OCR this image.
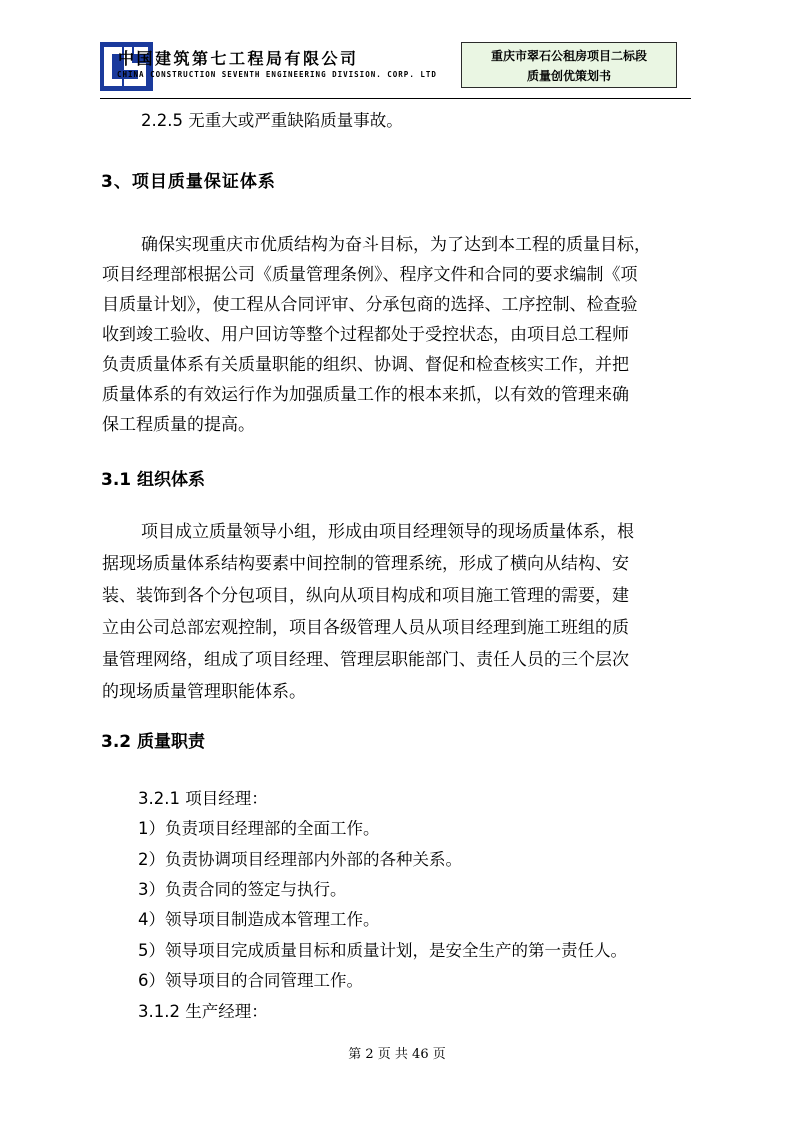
中国建筑第七工程局有限公司
CHINA CONSTRUCTION SEVENTH ENGINEERING DIVISION. CORP. LTD
重庆市翠石公租房项目二标段
质量创优策划书
2.2.5 无重大或严重缺陷质量事故。
3、项目质量保证体系
确保实现重庆市优质结构为奋斗目标，为了达到本工程的质量目标，
项目经理部根据公司《质量管理条例》、程序文件和合同的要求编制《项
目质量计划》，使工程从合同评审、分承包商的选择、工序控制、检查验
收到竣工验收、用户回访等整个过程都处于受控状态，由项目总工程师
负责质量体系有关质量职能的组织、协调、督促和检查核实工作，并把
质量体系的有效运行作为加强质量工作的根本来抓，以有效的管理来确
保工程质量的提高。
3.1 组织体系
项目成立质量领导小组，形成由项目经理领导的现场质量体系，根
据现场质量体系结构要素中间控制的管理系统，形成了横向从结构、安
装、装饰到各个分包项目，纵向从项目构成和项目施工管理的需要，建
立由公司总部宏观控制，项目各级管理人员从项目经理到施工班组的质
量管理网络，组成了项目经理、管理层职能部门、责任人员的三个层次
的现场质量管理职能体系。
3.2 质量职责
3.2.1 项目经理：
1）负责项目经理部的全面工作。
2）负责协调项目经理部内外部的各种关系。
3）负责合同的签定与执行。
4）领导项目制造成本管理工作。
5）领导项目完成质量目标和质量计划，是安全生产的第一责任人。
6）领导项目的合同管理工作。
3.1.2 生产经理：
第 2 页 共 46 页
